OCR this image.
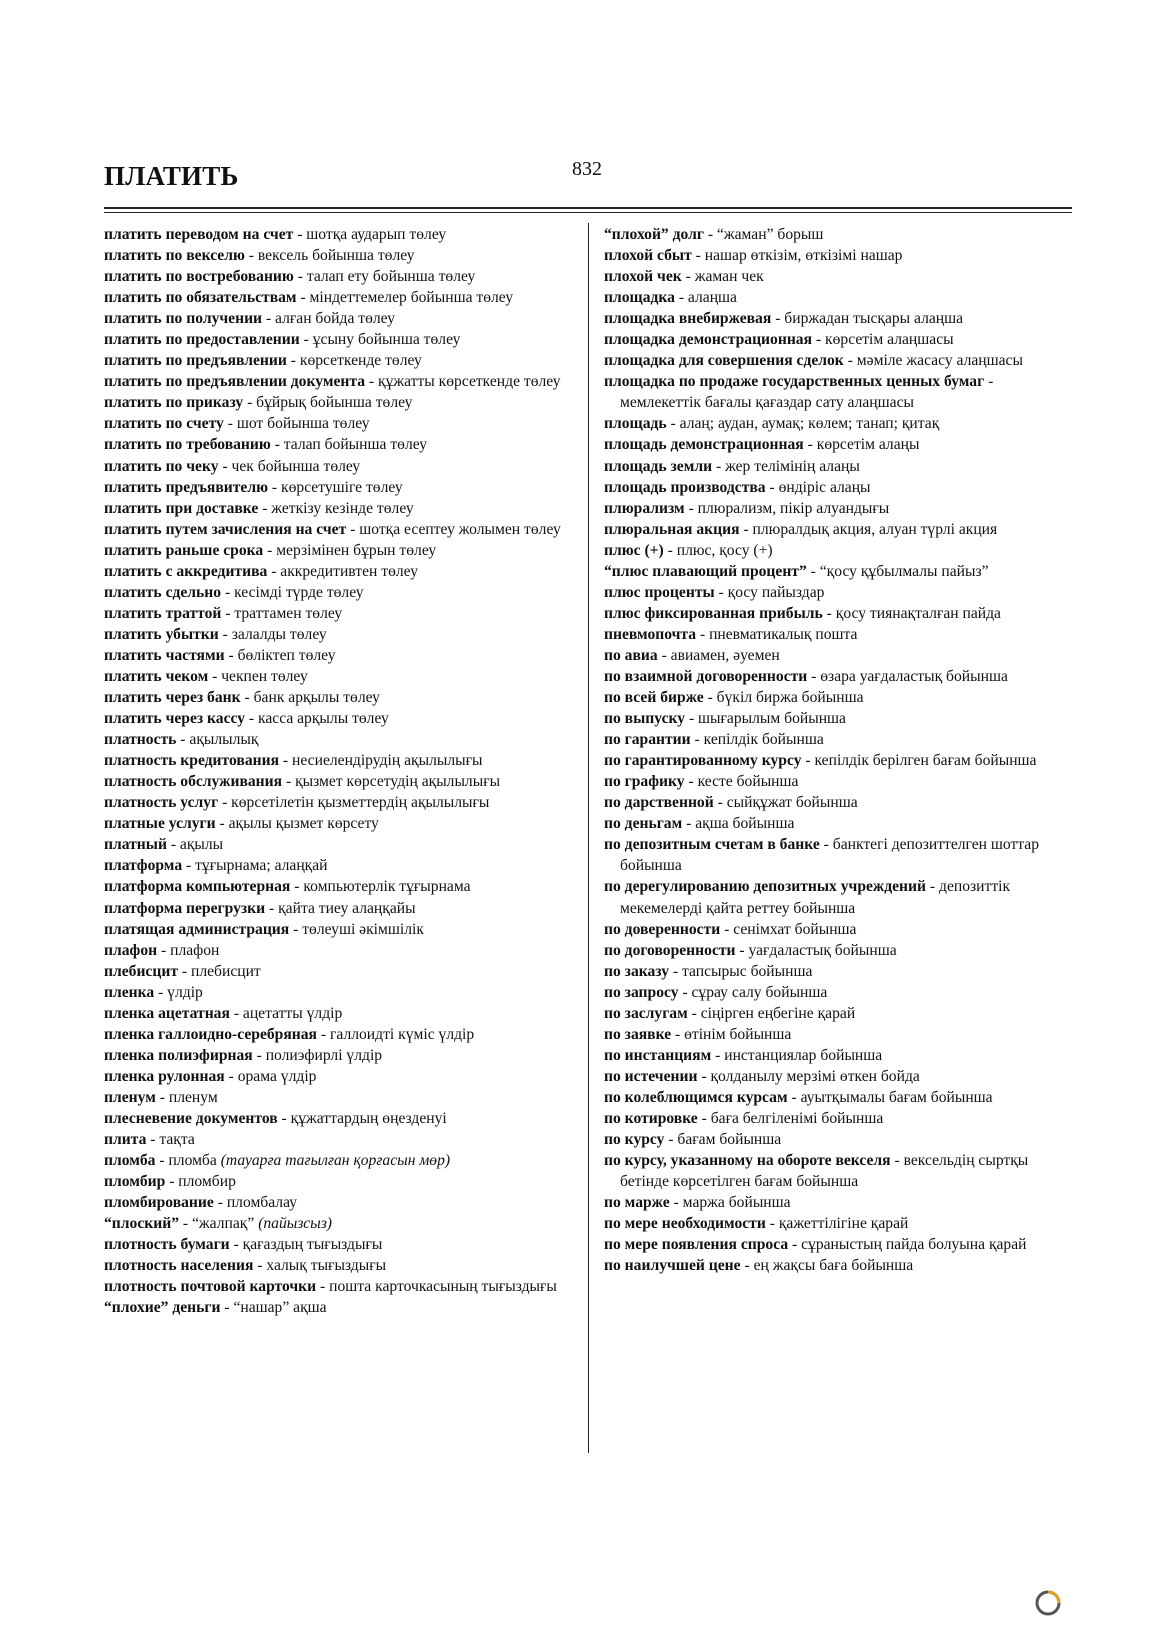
ПЛАТИТЬ	832

платить переводом на счет - шотқа аударып төлеу

платить по векселю - вексель бойынша төлеу

платить по востребованию - талап ету бойынша төлеу

платить по обязательствам - міндеттемелер бойынша төлеу

платить по получении - алған бойда төлеу

платить по предоставлении - ұсыну бойынша төлеу

платить по предъявлении - көрсеткенде төлеу

платить по предъявлении документа - құжатты көрсеткенде төлеу

платить по приказу - бұйрық бойынша төлеу

платить по счету - шот бойынша төлеу

платить по требованию - талап бойынша төлеу

платить по чеку - чек бойынша төлеу

платить предъявителю - көрсетушіге төлеу

платить при доставке - жеткізу кезінде төлеу

платить путем зачисления на счет - шотқа есептеу жолымен төлеу

платить раньше срока - мерзімінен бұрын төлеу

платить с аккредитива - аккредитивтен төлеу

платить сдельно - кесімді түрде төлеу

платить траттой - траттамен төлеу

платить убытки - залалды төлеу

платить частями - бөліктеп төлеу

платить чеком - чекпен төлеу

платить через банк - банк арқылы төлеу

платить через кассу - касса арқылы төлеу

платность - ақылылық

платность кредитования - несиелендірудің ақылылығы

платность обслуживания - қызмет көрсетудің ақылылығы

платность услуг - көрсетілетін қызметтердің ақылылығы

платные услуги - ақылы қызмет көрсету

платный - ақылы

платформа - тұғырнама; алаңқай

платформа компьютерная - компьютерлік тұғырнама

платформа перегрузки - қайта тиеу алаңқайы

платящая администрация - төлеуші әкімшілік

плафон - плафон

плебисцит - плебисцит

пленка - үлдір

пленка ацетатная - ацетатты үлдір

пленка галлоидно-серебряная - галлоидті күміс үлдір

пленка полиэфирная - полиэфирлі үлдір

пленка рулонная - орама үлдір

пленум - пленум

плесневение документов - құжаттардың өңезденуі

плита - тақта

пломба - пломба (тауарға тағылған қорғасын мөр)

пломбир - пломбир

пломбирование - пломбалау

“плоский” - “жалпақ” (пайызсыз)

плотность бумаги - қағаздың тығыздығы

плотность населения - халық тығыздығы

плотность почтовой карточки - пошта карточкасының тығыздығы

“плохие” деньги - “нашар” ақша

“плохой” долг - “жаман” борыш

плохой сбыт - нашар өткізім, өткізімі нашар

плохой чек - жаман чек

площадка - алаңша

площадка внебиржевая - биржадан тысқары алаңша

площадка демонстрационная - көрсетім алаңшасы

площадка для совершения сделок - мәміле жасасу алаңшасы

площадка по продаже государственных ценных бумаг - мемлекеттік бағалы қағаздар сату алаңшасы

площадь - алаң; аудан, аумақ; көлем; танап; қитақ

площадь демонстрационная - көрсетім алаңы

площадь земли - жер телімінің алаңы

площадь производства - өндіріс алаңы

плюрализм - плюрализм, пікір алуандығы

плюральная акция - плюралдық акция, алуан түрлі акция

плюс (+) - плюс, қосу (+)

“плюс плавающий процент” - “қосу құбылмалы пайыз”

плюс проценты - қосу пайыздар

плюс фиксированная прибыль - қосу тиянақталған пайда

пневмопочта - пневматикалық пошта

по авиа - авиамен, әуемен

по взаимной договоренности - өзара уағдаластық бойынша

по всей бирже - бүкіл биржа бойынша

по выпуску - шығарылым бойынша

по гарантии - кепілдік бойынша

по гарантированному курсу - кепілдік берілген бағам бойынша

по графику - кесте бойынша

по дарственной - сыйқұжат бойынша

по деньгам - ақша бойынша

по депозитным счетам в банке - банктегі депозиттелген шоттар бойынша

по дерегулированию депозитных учреждений - депозиттік мекемелерді қайта реттеу бойынша

по доверенности - сенімхат бойынша

по договоренности - уағдаластық бойынша

по заказу - тапсырыс бойынша

по запросу - сұрау салу бойынша

по заслугам - сіңірген еңбегіне қарай

по заявке - өтінім бойынша

по инстанциям - инстанциялар бойынша

по истечении - қолданылу мерзімі өткен бойда

по колеблющимся курсам - ауытқымалы бағам бойынша

по котировке - баға белгіленімі бойынша

по курсу - бағам бойынша

по курсу, указанному на обороте векселя - вексельдің сыртқы бетінде көрсетілген бағам бойынша

по марже - маржа бойынша

по мере необходимости - қажеттілігіне қарай

по мере появления спроса - сұраныстың пайда болуына қарай

по наилучшей цене - ең жақсы баға бойынша
